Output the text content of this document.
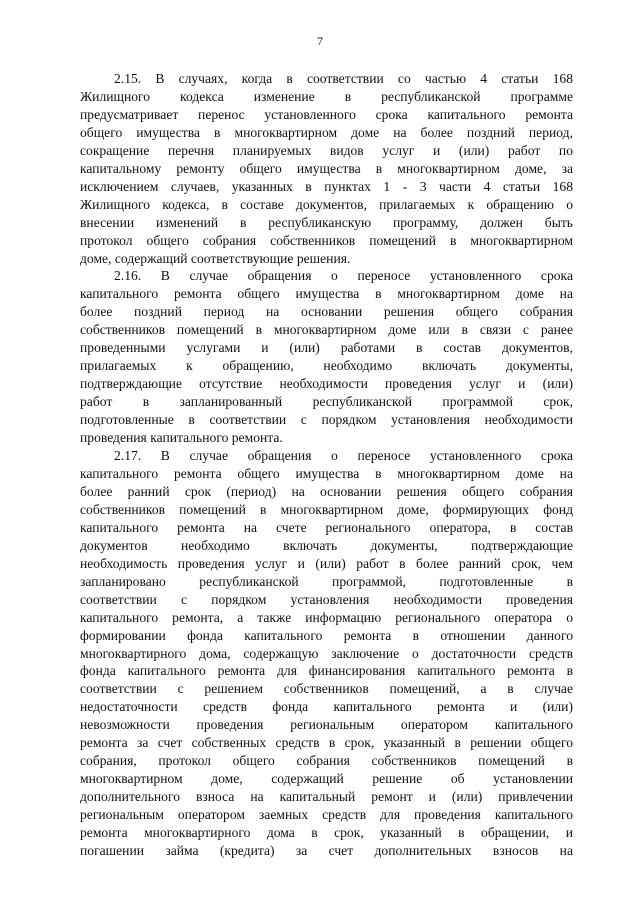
7

2.15. В случаях, когда в соответствии со частью 4 статьи 168
Жилищного кодекса изменение в республиканской программе
предусматривает перенос установленного срока капитального ремонта
общего имущества в многоквартирном доме на более поздний период,
сокращение перечня планируемых видов услуг и (или) работ по
капитальному ремонту общего имущества в многоквартирном доме, за
исключением случаев, указанных в пунктах 1 - 3 части 4 статьи 168
Жилищного кодекса, в составе документов, прилагаемых к обращению о
внесении изменений в республиканскую программу, должен быть
протокол общего собрания собственников помещений в многоквартирном
доме, содержащий соответствующие решения.

2.16. В случае обращения о переносе установленного срока
капитального ремонта общего имущества в многоквартирном доме на
более поздний период на основании решения общего собрания
собственников помещений в многоквартирном доме или в связи с ранее
проведенными услугами и (или) работами в состав документов,
прилагаемых к обращению, необходимо включать документы,
подтверждающие отсутствие необходимости проведения услуг и (или)
работ в запланированный республиканской программой срок,
подготовленные в соответствии с порядком установления необходимости
проведения капитального ремонта.

2.17. В случае обращения о переносе установленного срока
капитального ремонта общего имущества в многоквартирном доме на
более ранний срок (период) на основании решения общего собрания
собственников помещений в многоквартирном доме, формирующих фонд
капитального ремонта на счете регионального оператора, в состав
документов необходимо включать документы, подтверждающие
необходимость проведения услуг и (или) работ в более ранний срок, чем
запланировано республиканской программой, подготовленные в
соответствии с порядком установления необходимости проведения
капитального ремонта, а также информацию регионального оператора о
формировании фонда капитального ремонта в отношении данного
многоквартирного дома, содержащую заключение о достаточности средств
фонда капитального ремонта для финансирования капитального ремонта в
соответствии с решением собственников помещений, а в случае
недостаточности средств фонда капитального ремонта и (или)
невозможности проведения региональным оператором капитального
ремонта за счет собственных средств в срок, указанный в решении общего
собрания, протокол общего собрания собственников помещений в
многоквартирном доме, содержащий решение об установлении
дополнительного взноса на капитальный ремонт и (или) привлечении
региональным оператором заемных средств для проведения капитального
ремонта многоквартирного дома в срок, указанный в обращении, и
погашении займа (кредита) за счет дополнительных взносов на
